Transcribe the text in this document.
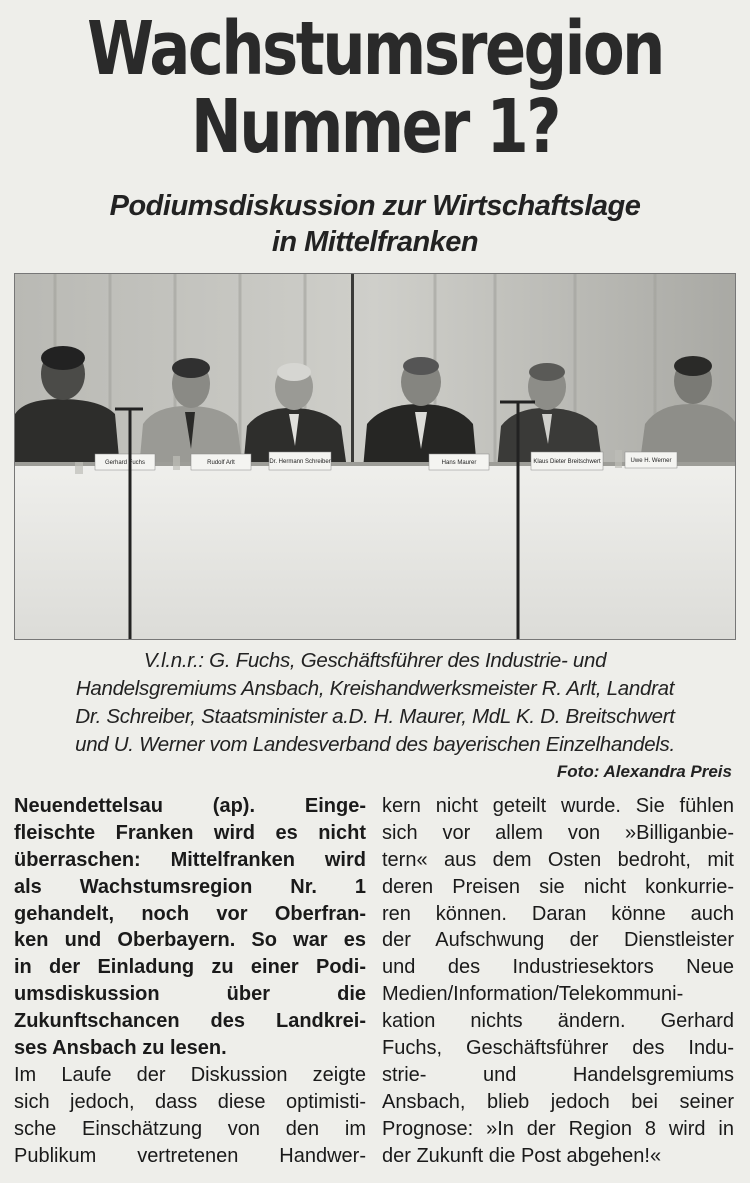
Wachstumsregion
Nummer 1?
Podiumsdiskussion zur Wirtschaftslage
in Mittelfranken
Gerhard Fuchs	Rudolf Arlt	Dr. Hermann Schreiber	Hans Maurer	Klaus Dieter Breitschwert	Uwe H. Werner
V.l.n.r.: G. Fuchs, Geschäftsführer des Industrie- und
Handelsgremiums Ansbach, Kreishandwerksmeister R. Arlt, Landrat
Dr. Schreiber, Staatsminister a.D. H. Maurer, MdL K. D. Breitschwert
und U. Werner vom Landesverband des bayerischen Einzelhandels.
Foto: Alexandra Preis
Neuendettelsau (ap). Einge-
fleischte Franken wird es nicht
überraschen: Mittelfranken wird
als Wachstumsregion Nr. 1
gehandelt, noch vor Oberfran-
ken und Oberbayern. So war es
in der Einladung zu einer Podi-
umsdiskussion über die
Zukunftschancen des Landkrei-
ses Ansbach zu lesen.
Im Laufe der Diskussion zeigte
sich jedoch, dass diese optimisti-
sche Einschätzung von den im
Publikum vertretenen Handwer-
kern nicht geteilt wurde. Sie fühlen
sich vor allem von »Billiganbie-
tern« aus dem Osten bedroht, mit
deren Preisen sie nicht konkurrie-
ren können. Daran könne auch
der Aufschwung der Dienstleister
und des Industriesektors Neue
Medien/Information/Telekommuni-
kation nichts ändern. Gerhard
Fuchs, Geschäftsführer des Indu-
strie- und Handelsgremiums
Ansbach, blieb jedoch bei seiner
Prognose: »In der Region 8 wird in
der Zukunft die Post abgehen!«
